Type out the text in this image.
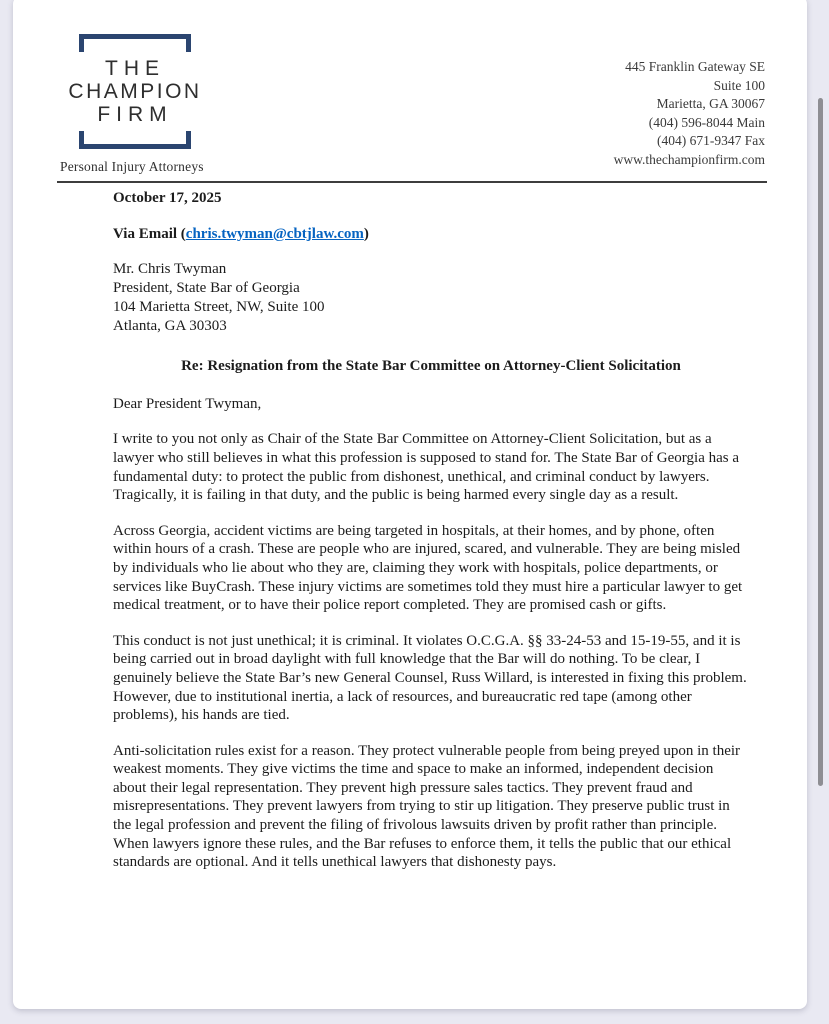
THE
CHAMPION
FIRM
Personal Injury Attorneys
445 Franklin Gateway SE
Suite 100
Marietta, GA 30067
(404) 596-8044 Main
(404) 671-9347 Fax
www.thechampionfirm.com
October 17, 2025
Via Email (chris.twyman@cbtjlaw.com)
Mr. Chris Twyman
President, State Bar of Georgia
104 Marietta Street, NW, Suite 100
Atlanta, GA 30303
Re: Resignation from the State Bar Committee on Attorney-Client Solicitation
Dear President Twyman,

I write to you not only as Chair of the State Bar Committee on Attorney-Client Solicitation, but as a lawyer who still believes in what this profession is supposed to stand for. The State Bar of Georgia has a fundamental duty: to protect the public from dishonest, unethical, and criminal conduct by lawyers. Tragically, it is failing in that duty, and the public is being harmed every single day as a result.

Across Georgia, accident victims are being targeted in hospitals, at their homes, and by phone, often within hours of a crash. These are people who are injured, scared, and vulnerable. They are being misled by individuals who lie about who they are, claiming they work with hospitals, police departments, or services like BuyCrash. These injury victims are sometimes told they must hire a particular lawyer to get medical treatment, or to have their police report completed. They are promised cash or gifts.

This conduct is not just unethical; it is criminal. It violates O.C.G.A. §§ 33-24-53 and 15-19-55, and it is being carried out in broad daylight with full knowledge that the Bar will do nothing. To be clear, I genuinely believe the State Bar’s new General Counsel, Russ Willard, is interested in fixing this problem. However, due to institutional inertia, a lack of resources, and bureaucratic red tape (among other problems), his hands are tied.

Anti-solicitation rules exist for a reason. They protect vulnerable people from being preyed upon in their weakest moments. They give victims the time and space to make an informed, independent decision about their legal representation. They prevent high pressure sales tactics. They prevent fraud and misrepresentations. They prevent lawyers from trying to stir up litigation. They preserve public trust in the legal profession and prevent the filing of frivolous lawsuits driven by profit rather than principle. When lawyers ignore these rules, and the Bar refuses to enforce them, it tells the public that our ethical standards are optional. And it tells unethical lawyers that dishonesty pays.
